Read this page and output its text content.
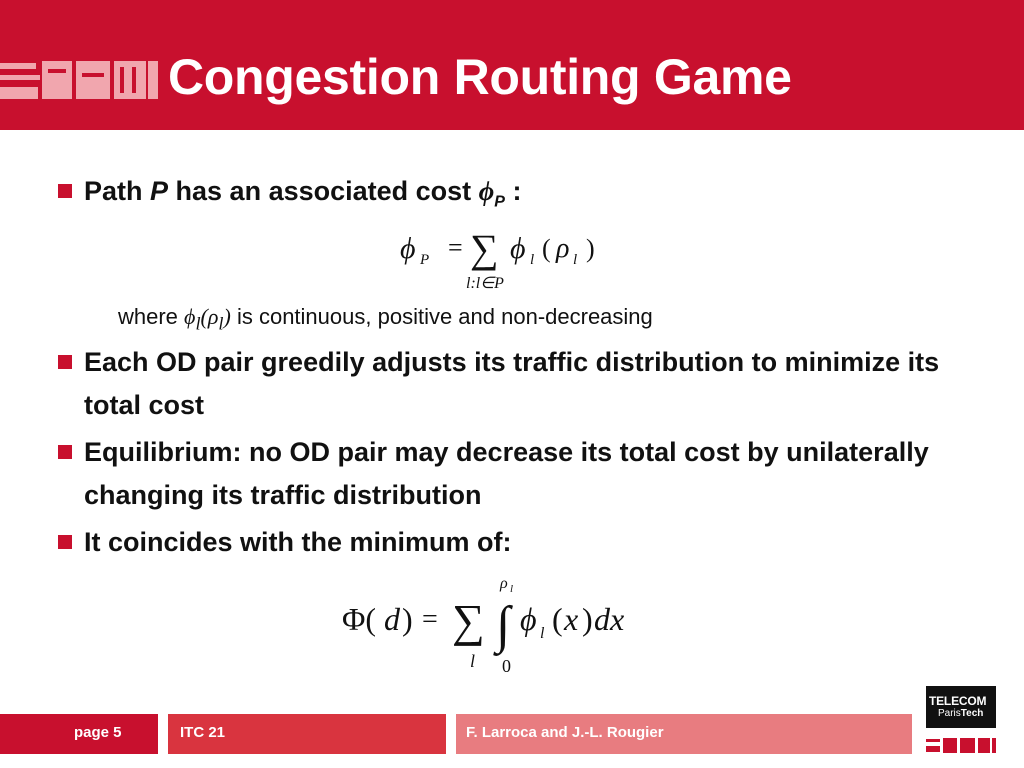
Congestion Routing Game
Path P has an associated cost $\phi_P$ :
ϕ P = ∑
l:l∈P
ϕ l ( ρ l )
where $\phi_l(\rho_l)$ is continuous, positive and non-decreasing
Each OD pair greedily adjusts its traffic distribution to minimize its total cost
Equilibrium: no OD pair may decrease its total cost by unilaterally changing its traffic distribution
It coincides with the minimum of:
ρ l
Φ( d ) = ∑
l
∫
0
ϕ l ( x ) dx
page 5	ITC 21	F. Larroca and J.-L. Rougier
TELECOM
ParisTech
